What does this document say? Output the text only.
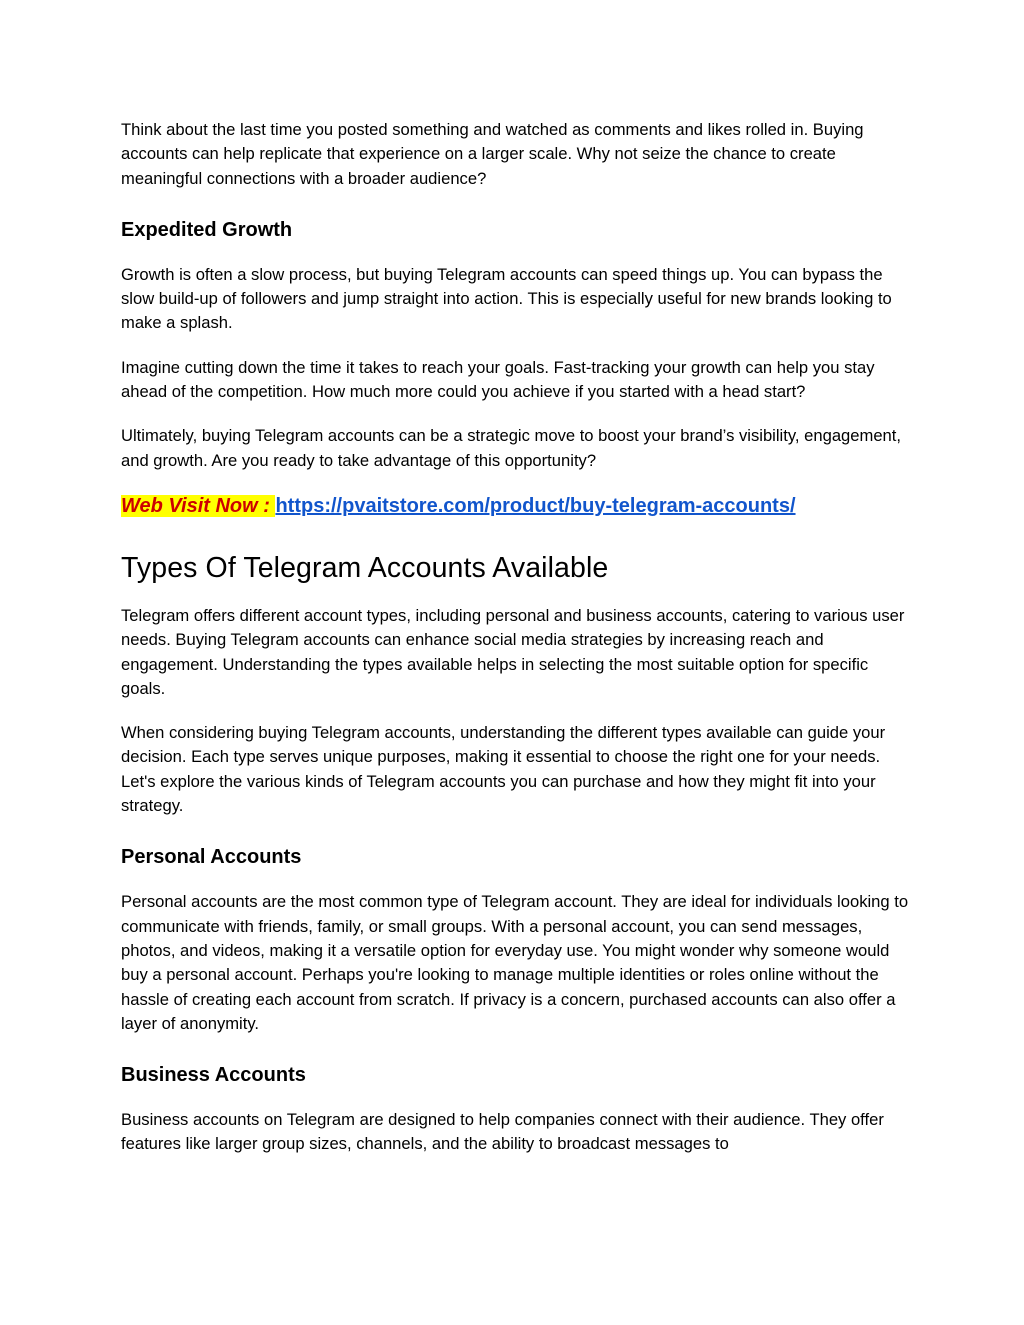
Think about the last time you posted something and watched as comments and likes rolled in. Buying accounts can help replicate that experience on a larger scale. Why not seize the chance to create meaningful connections with a broader audience?

Expedited Growth

Growth is often a slow process, but buying Telegram accounts can speed things up. You can bypass the slow build-up of followers and jump straight into action. This is especially useful for new brands looking to make a splash.

Imagine cutting down the time it takes to reach your goals. Fast-tracking your growth can help you stay ahead of the competition. How much more could you achieve if you started with a head start?

Ultimately, buying Telegram accounts can be a strategic move to boost your brand’s visibility, engagement, and growth. Are you ready to take advantage of this opportunity?

Web Visit Now : https://pvaitstore.com/product/buy-telegram-accounts/

Types Of Telegram Accounts Available

Telegram offers different account types, including personal and business accounts, catering to various user needs. Buying Telegram accounts can enhance social media strategies by increasing reach and engagement. Understanding the types available helps in selecting the most suitable option for specific goals.

When considering buying Telegram accounts, understanding the different types available can guide your decision. Each type serves unique purposes, making it essential to choose the right one for your needs. Let's explore the various kinds of Telegram accounts you can purchase and how they might fit into your strategy.

Personal Accounts

Personal accounts are the most common type of Telegram account. They are ideal for individuals looking to communicate with friends, family, or small groups. With a personal account, you can send messages, photos, and videos, making it a versatile option for everyday use. You might wonder why someone would buy a personal account. Perhaps you're looking to manage multiple identities or roles online without the hassle of creating each account from scratch. If privacy is a concern, purchased accounts can also offer a layer of anonymity.

Business Accounts

Business accounts on Telegram are designed to help companies connect with their audience. They offer features like larger group sizes, channels, and the ability to broadcast messages to
